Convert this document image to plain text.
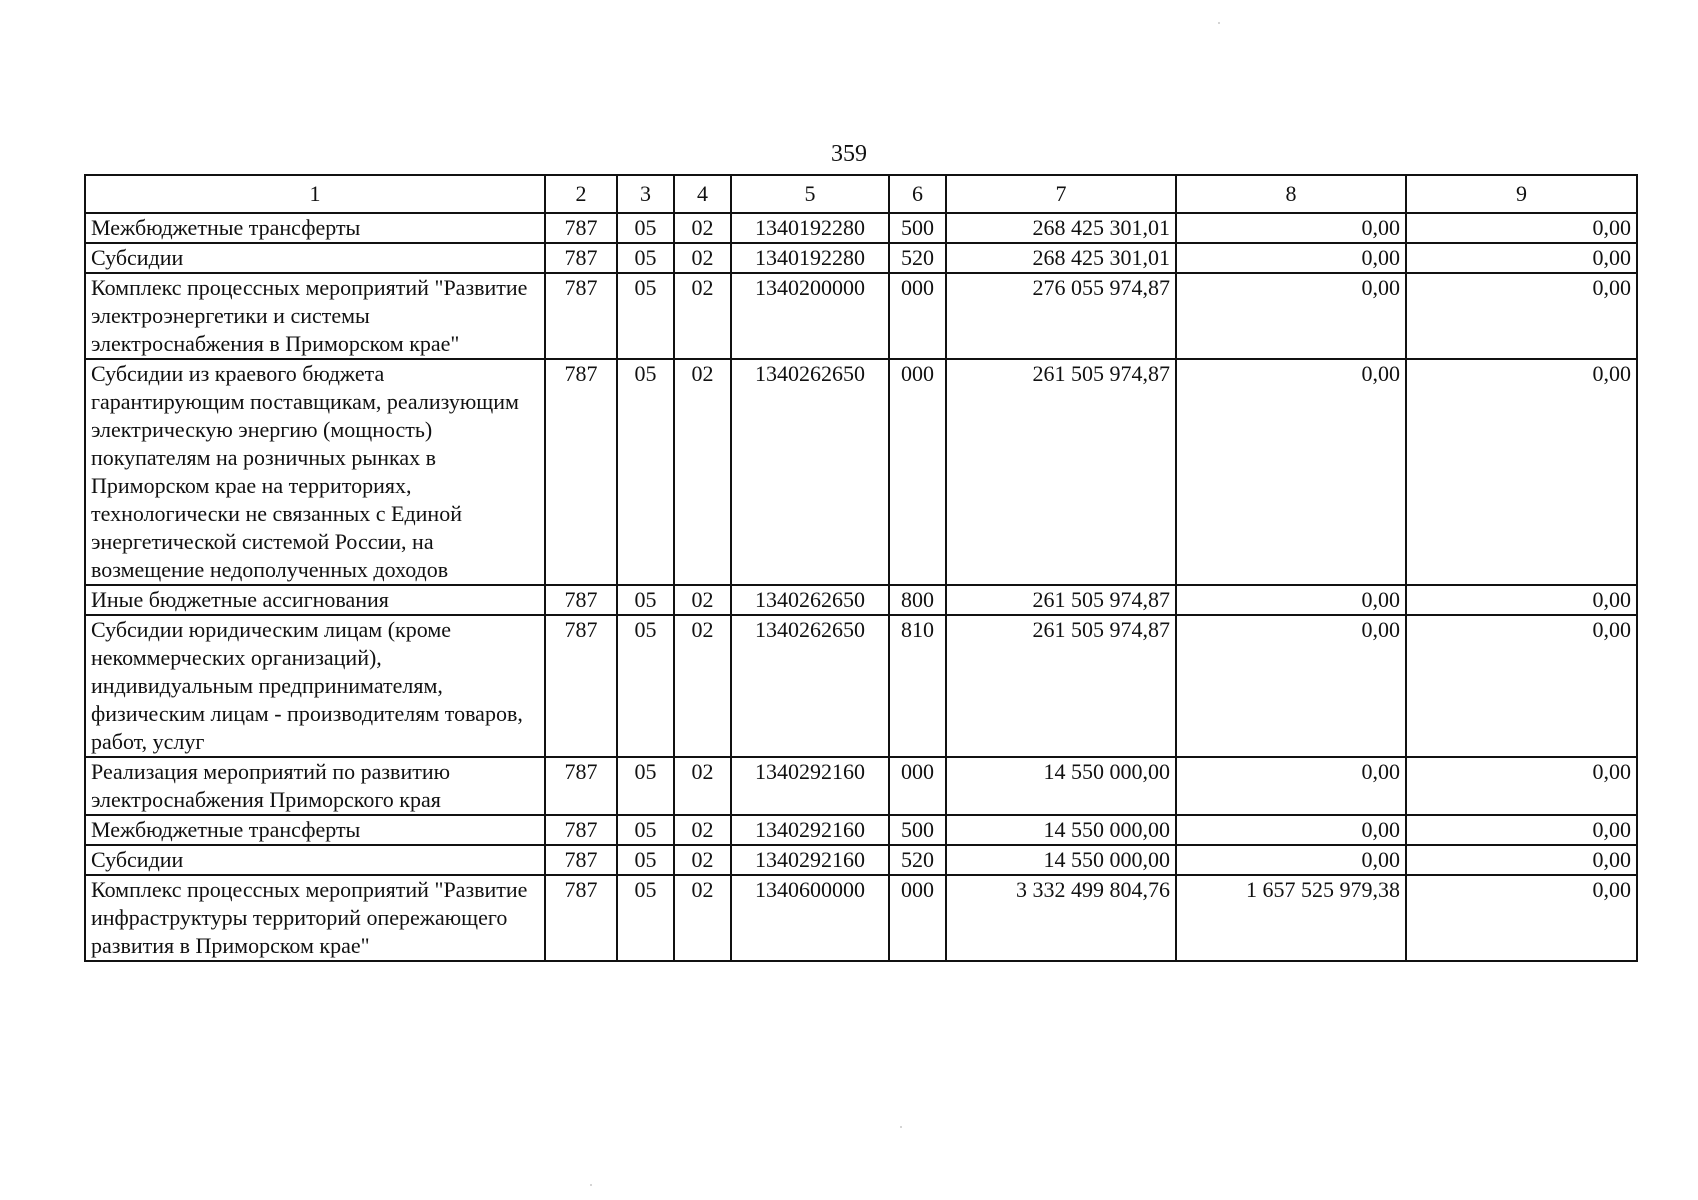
359
1	2	3	4	5	6	7	8	9
Межбюджетные трансферты	787	05	02	1340192280	500	268 425 301,01	0,00	0,00
Субсидии	787	05	02	1340192280	520	268 425 301,01	0,00	0,00
Комплекс процессных мероприятий "Развитие электроэнергетики и системы электроснабжения в Приморском крае"	787	05	02	1340200000	000	276 055 974,87	0,00	0,00
Субсидии из краевого бюджета гарантирующим поставщикам, реализующим электрическую энергию (мощность) покупателям на розничных рынках в Приморском крае на территориях, технологически не связанных с Единой энергетической системой России, на возмещение недополученных доходов	787	05	02	1340262650	000	261 505 974,87	0,00	0,00
Иные бюджетные ассигнования	787	05	02	1340262650	800	261 505 974,87	0,00	0,00
Субсидии юридическим лицам (кроме некоммерческих организаций), индивидуальным предпринимателям, физическим лицам - производителям товаров, работ, услуг	787	05	02	1340262650	810	261 505 974,87	0,00	0,00
Реализация мероприятий по развитию электроснабжения Приморского края	787	05	02	1340292160	000	14 550 000,00	0,00	0,00
Межбюджетные трансферты	787	05	02	1340292160	500	14 550 000,00	0,00	0,00
Субсидии	787	05	02	1340292160	520	14 550 000,00	0,00	0,00
Комплекс процессных мероприятий "Развитие инфраструктуры территорий опережающего развития в Приморском крае"	787	05	02	1340600000	000	3 332 499 804,76	1 657 525 979,38	0,00
